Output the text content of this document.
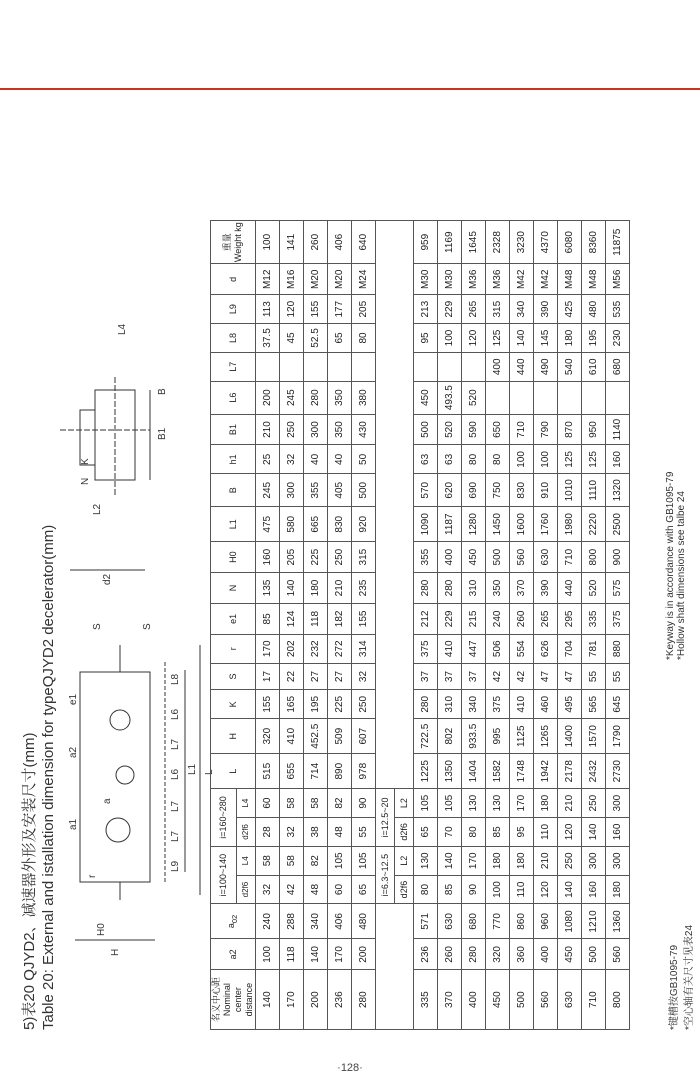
5)表20 QJYD2、减速器外形及安装尺寸(mm) Table 20: External and istallation dimension for typeQJYD2 decelerator(mm)	H
H0
r
L9
L7
L7
L6
L7
L6
L8
L1 L
a1
a2
e1
a
S	S
d2
L2
N
K
B1
B
L4
名义中心距 Nominal center distance	a2	$a_{02}$	i=100~140		i=160~280		L	H	K	S	r	e1	N	H0	L1	B	h1	B1	L6	L7	L8	L9	d	重量 Weight kg
			d2f6	L4	d2f6	L4																		
140	100	240	32	58	28	60	515	320	155	17	170	85	135	160	475	245	25	210	200		37.5	113	M12	100
170	118	288	42	58	32	58	655	410	165	22	202	124	140	205	580	300	32	250	245		45	120	M16	141
200	140	340	48	82	38	58	714	452.5	195	27	232	118	180	225	665	355	40	300	280		52.5	155	M20	260
236	170	406	60	105	48	82	890	509	225	27	272	182	210	250	830	405	40	350	350		65	177	M20	406
280	200	480	65	105	55	90	978	607	250	32	314	155	235	315	920	500	50	430	380		80	205	M24	640
			i=6.3~12.5		i=12.5~20																			
			d2f6	L2	d2f6	L2																		
335	236	571	80	130	65	105	1225	722.5	280	37	375	212	280	355	1090	570	63	500	450		95	213	M30	959
370	260	630	85	140	70	105	1350	802	310	37	410	229	280	400	1187	620	63	520	493.5		100	229	M30	1169
400	280	680	90	170	80	130	1404	933.5	340	37	447	215	310	450	1280	690	80	590	520		120	265	M36	1645
450	320	770	100	180	85	130	1582	995	375	42	506	240	350	500	1450	750	80	650		400	125	315	M36	2328
500	360	860	110	180	95	170	1748	1125	410	42	554	260	370	560	1600	830	100	710		440	140	340	M42	3230
560	400	960	120	210	110	180	1942	1265	460	47	626	265	390	630	1760	910	100	790		490	145	390	M42	4370
630	450	1080	140	250	120	210	2178	1400	495	47	704	295	440	710	1980	1010	125	870		540	180	425	M48	6080
710	500	1210	160	300	140	250	2432	1570	565	55	781	335	520	800	2220	1110	125	950		610	195	480	M48	8360
800	560	1360	180	300	160	300	2730	1790	645	55	880	375	575	900	2500	1320	160	1140		680	230	535	M56	11875
*键槽按GB1095-79
*空心轴有关尺寸见表24
*Keyway is in accordance with GB1095-79
*Hollow shaft dimensions see talbe 24
·128·
